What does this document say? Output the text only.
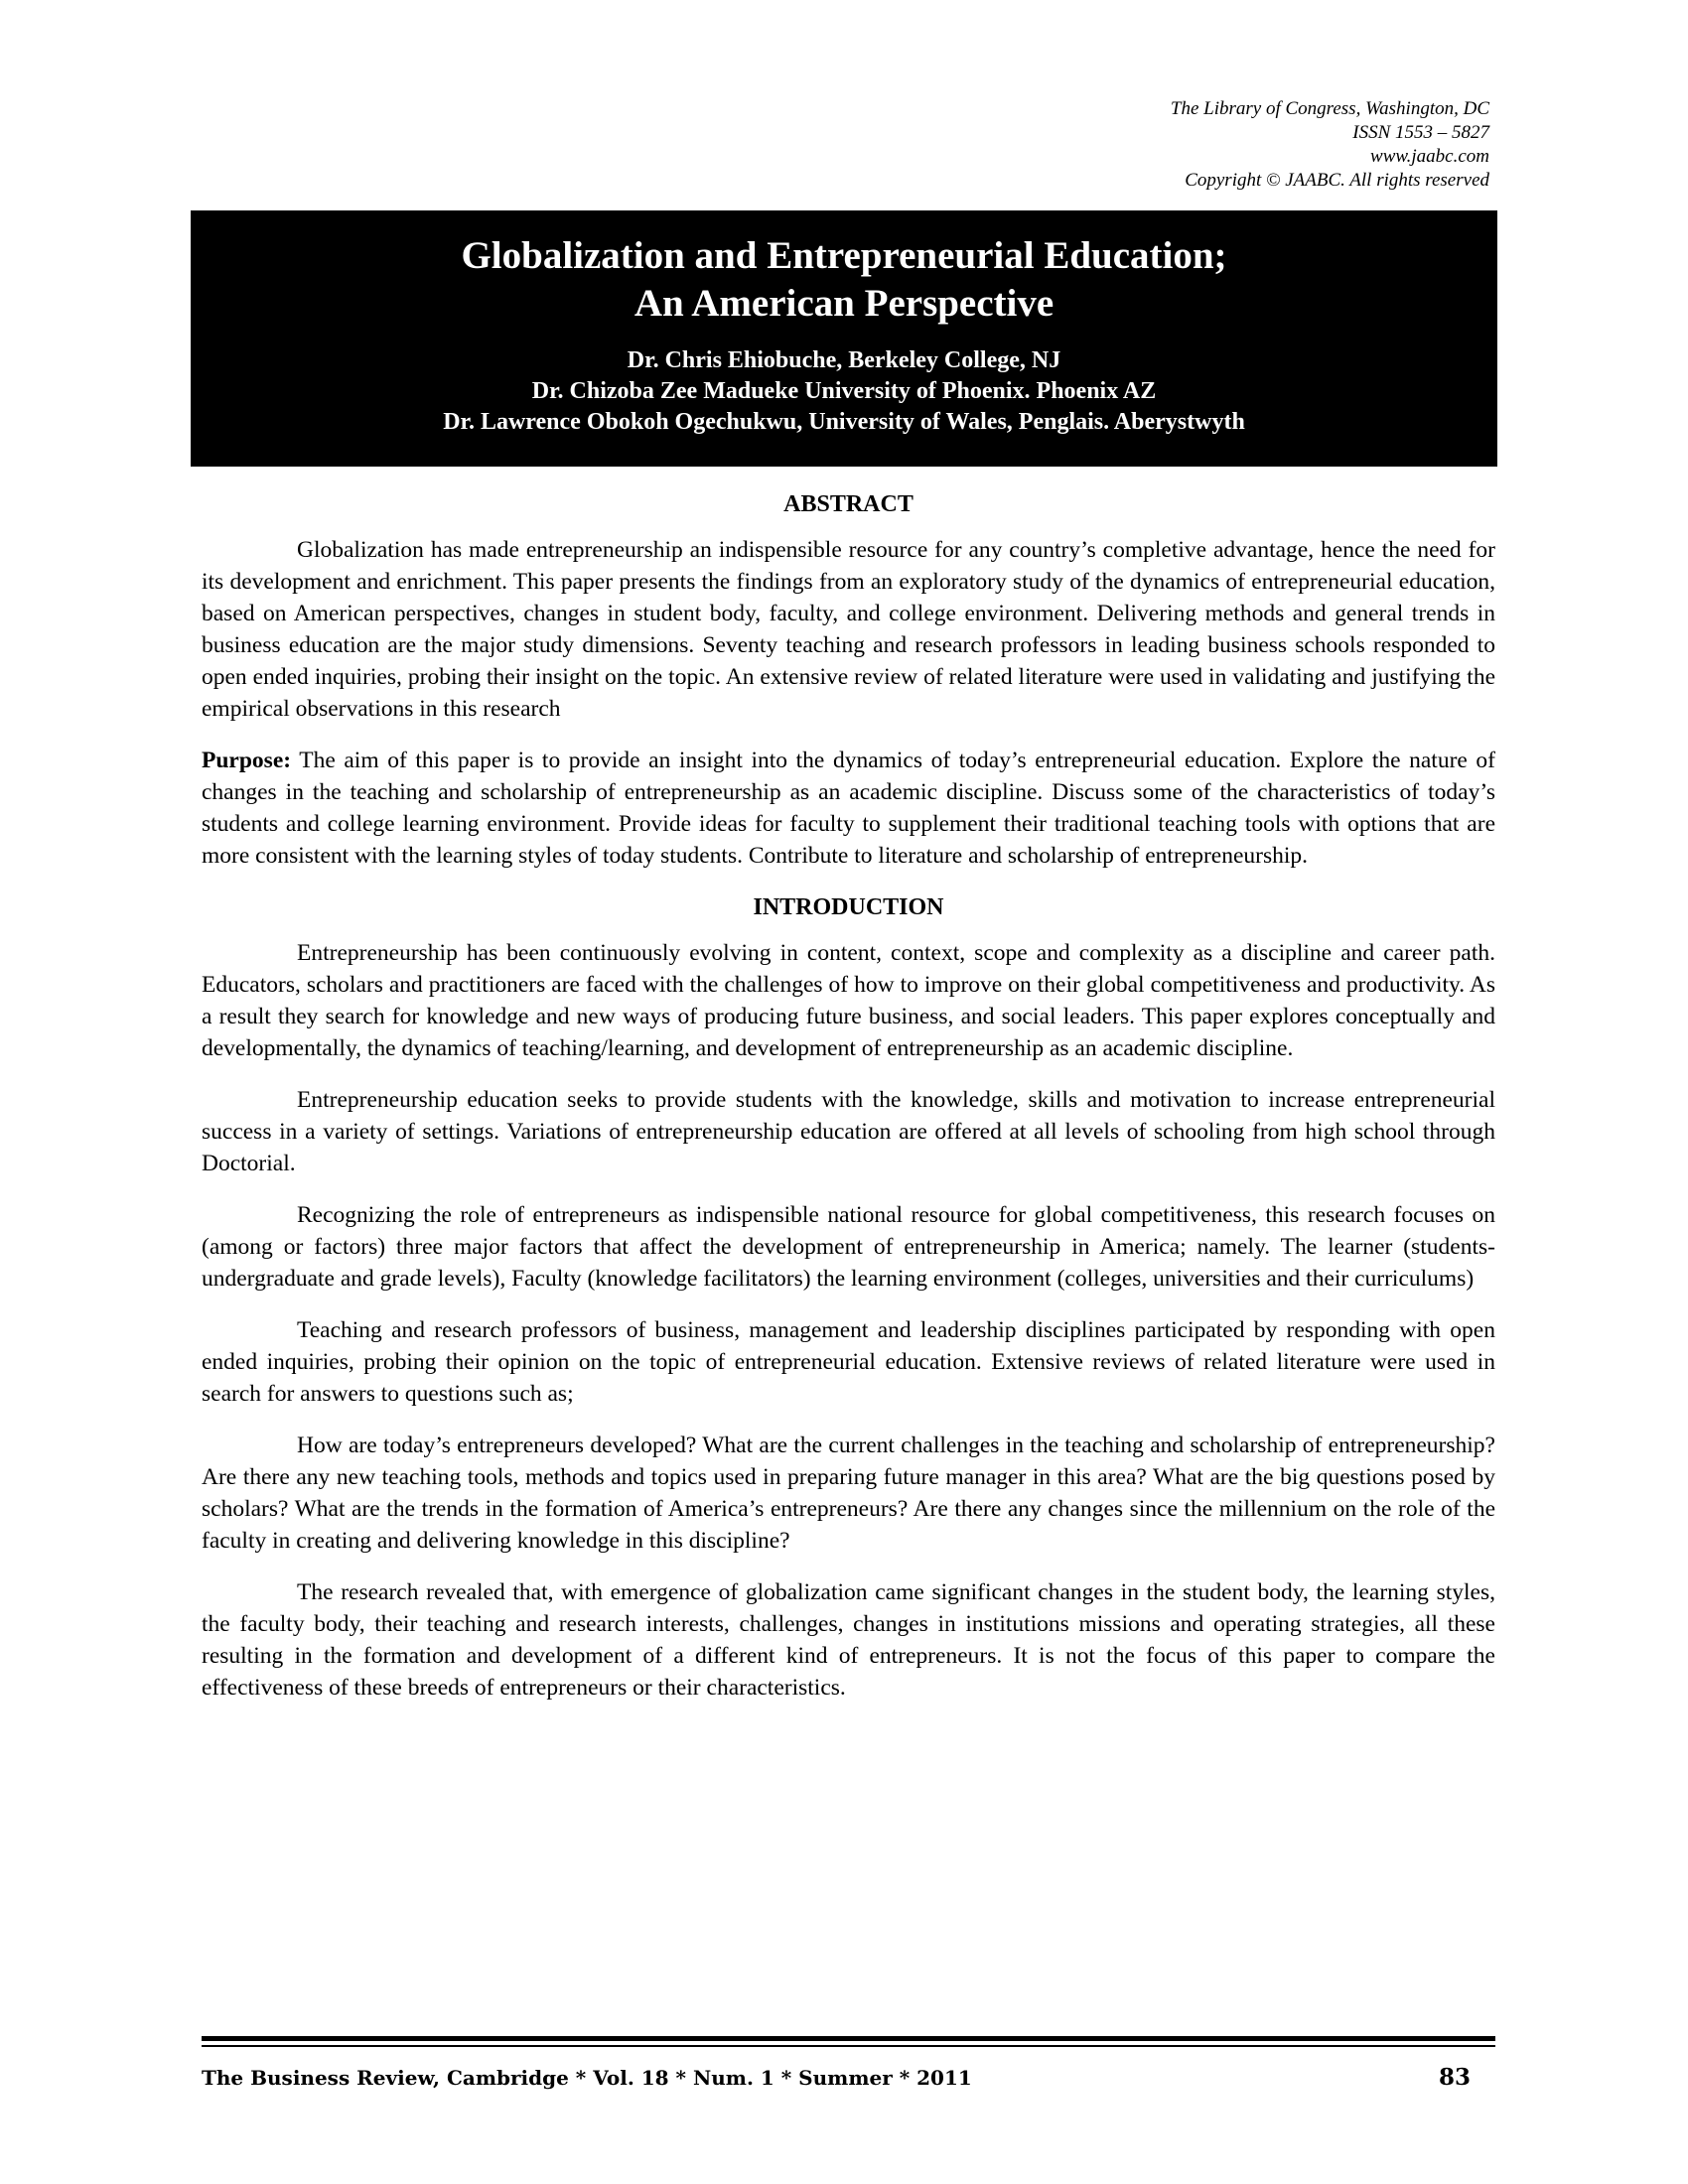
The Library of Congress, Washington, DC
ISSN 1553 – 5827
www.jaabc.com
Copyright © JAABC. All rights reserved
Globalization and Entrepreneurial Education;
An American Perspective
Dr. Chris Ehiobuche, Berkeley College, NJ
Dr. Chizoba Zee Madueke University of Phoenix. Phoenix AZ
Dr. Lawrence Obokoh Ogechukwu, University of Wales, Penglais. Aberystwyth
ABSTRACT

Globalization has made entrepreneurship an indispensible resource for any country’s completive advantage, hence the need for its development and enrichment. This paper presents the findings from an exploratory study of the dynamics of entrepreneurial education, based on American perspectives, changes in student body, faculty, and college environment. Delivering methods and general trends in business education are the major study dimensions. Seventy teaching and research professors in leading business schools responded to open ended inquiries, probing their insight on the topic. An extensive review of related literature were used in validating and justifying the empirical observations in this research

Purpose: The aim of this paper is to provide an insight into the dynamics of today’s entrepreneurial education. Explore the nature of changes in the teaching and scholarship of entrepreneurship as an academic discipline. Discuss some of the characteristics of today’s students and college learning environment. Provide ideas for faculty to supplement their traditional teaching tools with options that are more consistent with the learning styles of today students. Contribute to literature and scholarship of entrepreneurship.

INTRODUCTION

Entrepreneurship has been continuously evolving in content, context, scope and complexity as a discipline and career path. Educators, scholars and practitioners are faced with the challenges of how to improve on their global competitiveness and productivity. As a result they search for knowledge and new ways of producing future business, and social leaders. This paper explores conceptually and developmentally, the dynamics of teaching/learning, and development of entrepreneurship as an academic discipline.

Entrepreneurship education seeks to provide students with the knowledge, skills and motivation to increase entrepreneurial success in a variety of settings. Variations of entrepreneurship education are offered at all levels of schooling from high school through Doctorial.

Recognizing the role of entrepreneurs as indispensible national resource for global competitiveness, this research focuses on (among or factors) three major factors that affect the development of entrepreneurship in America; namely. The learner (students- undergraduate and grade levels), Faculty (knowledge facilitators) the learning environment (colleges, universities and their curriculums)

Teaching and research professors of business, management and leadership disciplines participated by responding with open ended inquiries, probing their opinion on the topic of entrepreneurial education. Extensive reviews of related literature were used in search for answers to questions such as;

How are today’s entrepreneurs developed? What are the current challenges in the teaching and scholarship of entrepreneurship? Are there any new teaching tools, methods and topics used in preparing future manager in this area? What are the big questions posed by scholars? What are the trends in the formation of America’s entrepreneurs? Are there any changes since the millennium on the role of the faculty in creating and delivering knowledge in this discipline?

The research revealed that, with emergence of globalization came significant changes in the student body, the learning styles, the faculty body, their teaching and research interests, challenges, changes in institutions missions and operating strategies, all these resulting in the formation and development of a different kind of entrepreneurs. It is not the focus of this paper to compare the effectiveness of these breeds of entrepreneurs or their characteristics.

The Business Review, Cambridge * Vol. 18 * Num. 1 * Summer * 2011	83
